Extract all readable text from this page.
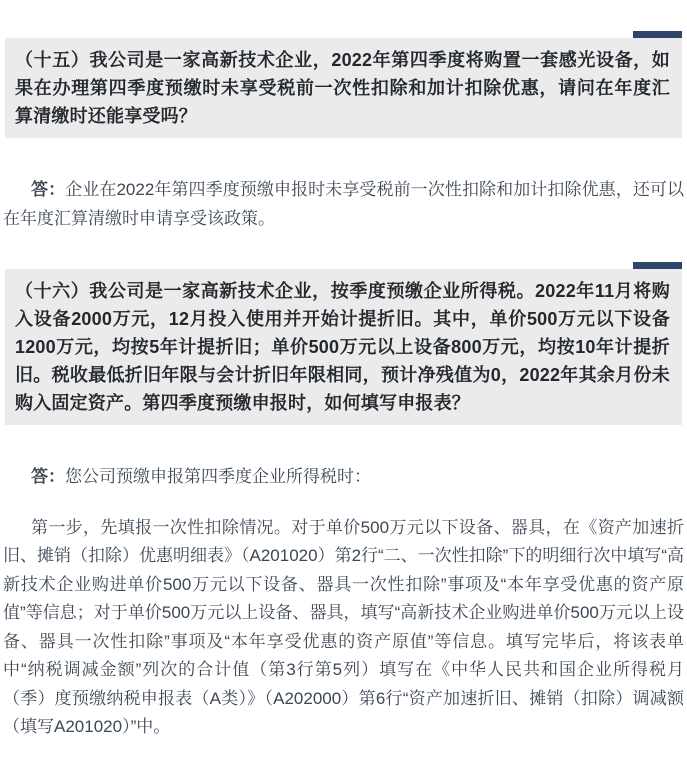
（十五）我公司是一家高新技术企业，2022年第四季度将购置一套感光设备，如果在办理第四季度预缴时未享受税前一次性扣除和加计扣除优惠，请问在年度汇算清缴时还能享受吗？

答：企业在2022年第四季度预缴申报时未享受税前一次性扣除和加计扣除优惠，还可以在年度汇算清缴时申请享受该政策。

（十六）我公司是一家高新技术企业，按季度预缴企业所得税。2022年11月将购入设备2000万元，12月投入使用并开始计提折旧。其中，单价500万元以下设备1200万元，均按5年计提折旧；单价500万元以上设备800万元，均按10年计提折旧。税收最低折旧年限与会计折旧年限相同，预计净残值为0，2022年其余月份未购入固定资产。第四季度预缴申报时，如何填写申报表？

答：您公司预缴申报第四季度企业所得税时：

第一步，先填报一次性扣除情况。对于单价500万元以下设备、器具，在《资产加速折旧、摊销（扣除）优惠明细表》（A201020）第2行“二、一次性扣除”下的明细行次中填写“高新技术企业购进单价500万元以下设备、器具一次性扣除”事项及“本年享受优惠的资产原值”等信息；对于单价500万元以上设备、器具，填写“高新技术企业购进单价500万元以上设备、器具一次性扣除”事项及“本年享受优惠的资产原值”等信息。填写完毕后，将该表单中“纳税调减金额”列次的合计值（第3行第5列）填写在《中华人民共和国企业所得税月（季）度预缴纳税申报表（A类）》（A202000）第6行“资产加速折旧、摊销（扣除）调减额（填写A201020）”中。
